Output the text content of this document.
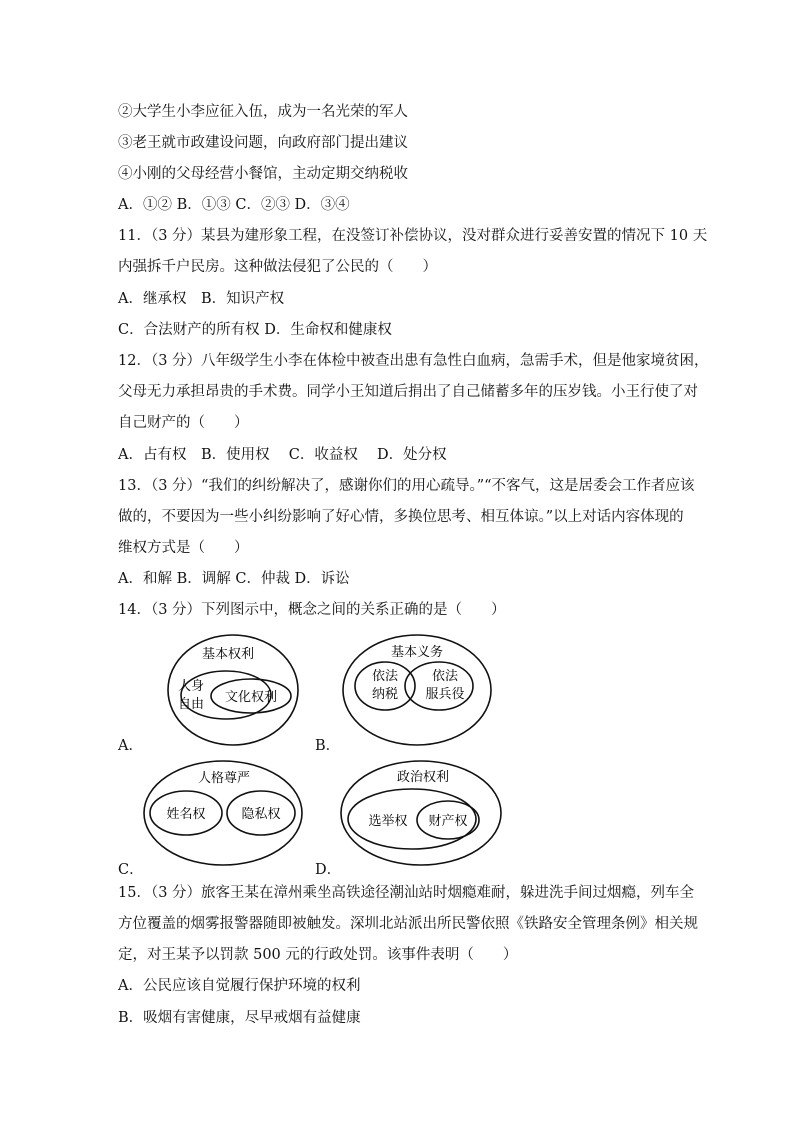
②大学生小李应征入伍，成为一名光荣的军人
③老王就市政建设问题，向政府部门提出建议
④小刚的父母经营小餐馆，主动定期交纳税收
A．①② B．①③ C．②③ D．③④
11．（3 分）某县为建形象工程，在没签订补偿协议，没对群众进行妥善安置的情况下 10 天
内强拆千户民房。这种做法侵犯了公民的（　　）
A．继承权　B．知识产权
C．合法财产的所有权 D．生命权和健康权
12．（3 分）八年级学生小李在体检中被查出患有急性白血病，急需手术，但是他家境贫困，
父母无力承担昂贵的手术费。同学小王知道后捐出了自己储蓄多年的压岁钱。小王行使了对
自己财产的（　　）
A．占有权　B．使用权　 C．收益权　 D．处分权
13．（3 分）“我们的纠纷解决了，感谢你们的用心疏导。”“不客气，这是居委会工作者应该
做的，不要因为一些小纠纷影响了好心情，多换位思考、相互体谅。”以上对话内容体现的
维权方式是（　　）
A．和解 B．调解 C．仲裁 D．诉讼
14．（3 分）下列图示中，概念之间的关系正确的是（　　）
基本权利
人身
自由 文化权利
A．
基本义务
依法
纳税
依法
服兵役
B．
人格尊严
姓名权	隐私权
C．
政治权利
选举权 财产权
D．
15．（3 分）旅客王某在漳州乘坐高铁途径潮汕站时烟瘾难耐，躲进洗手间过烟瘾，列车全
方位覆盖的烟雾报警器随即被触发。深圳北站派出所民警依照《铁路安全管理条例》相关规
定，对王某予以罚款 500 元的行政处罚。该事件表明（　　）
A．公民应该自觉履行保护环境的权利
B．吸烟有害健康，尽早戒烟有益健康
